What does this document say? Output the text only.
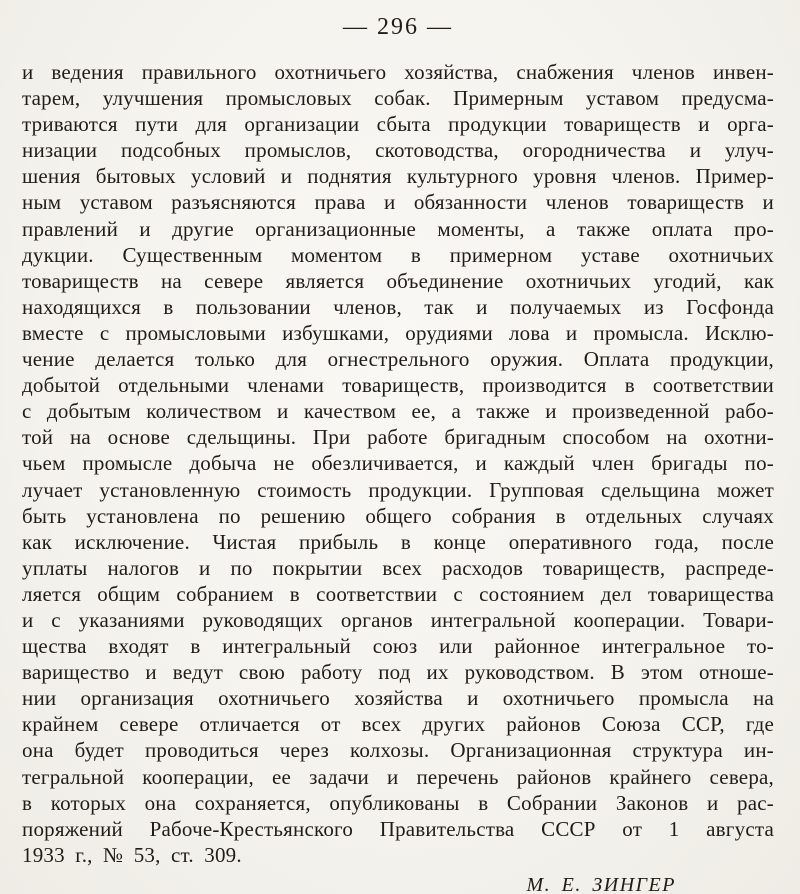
— 296 —
и ведения правильного охотничьего хозяйства, снабжения членов инвен-
тарем, улучшения промысловых собак. Примерным уставом предусма-
триваются пути для организации сбыта продукции товариществ и орга-
низации подсобных промыслов, скотоводства, огородничества и улуч-
шения бытовых условий и поднятия культурного уровня членов. Пример-
ным уставом разъясняются права и обязанности членов товариществ и
правлений и другие организационные моменты, а также оплата про-
дукции. Существенным моментом в примерном уставе охотничьих
товариществ на севере является объединение охотничьих угодий, как
находящихся в пользовании членов, так и получаемых из Госфонда
вместе с промысловыми избушками, орудиями лова и промысла. Исклю-
чение делается только для огнестрельного оружия. Оплата продукции,
добытой отдельными членами товариществ, производится в соответствии
с добытым количеством и качеством ее, а также и произведенной рабо-
той на основе сдельщины. При работе бригадным способом на охотни-
чьем промысле добыча не обезличивается, и каждый член бригады по-
лучает установленную стоимость продукции. Групповая сдельщина может
быть установлена по решению общего собрания в отдельных случаях
как исключение. Чистая прибыль в конце оперативного года, после
уплаты налогов и по покрытии всех расходов товариществ, распреде-
ляется общим собранием в соответствии с состоянием дел товарищества
и с указаниями руководящих органов интегральной кооперации. Товари-
щества входят в интегральный союз или районное интегральное то-
варищество и ведут свою работу под их руководством. В этом отноше-
нии организация охотничьего хозяйства и охотничьего промысла на
крайнем севере отличается от всех других районов Союза ССР, где
она будет проводиться через колхозы. Организационная структура ин-
тегральной кооперации, ее задачи и перечень районов крайнего севера,
в которых она сохраняется, опубликованы в Собрании Законов и рас-
поряжений Рабоче-Крестьянского Правительства СССР от 1 августа
1933 г., № 53, ст. 309.
М. Е. ЗИНГЕР
